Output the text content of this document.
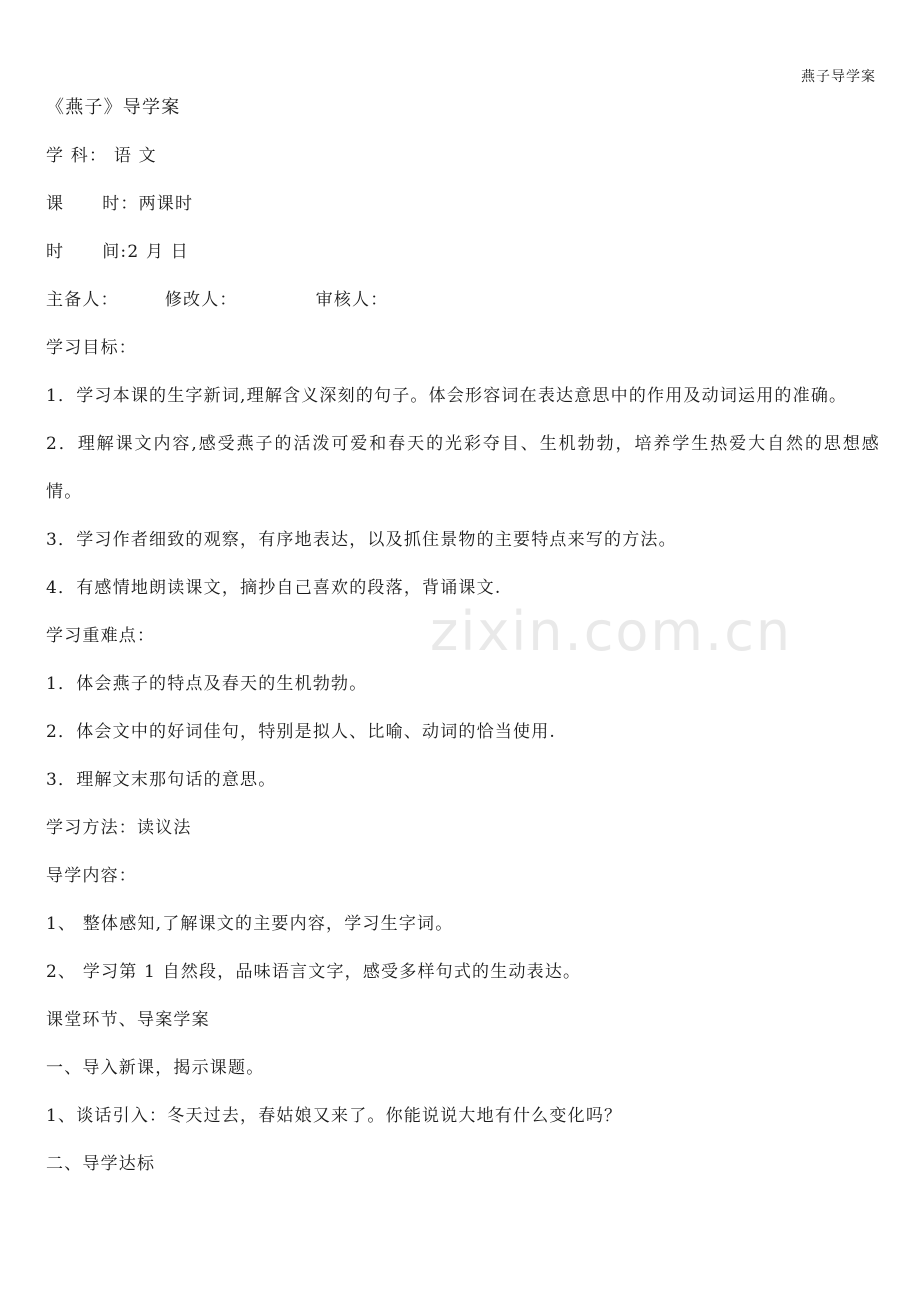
燕子导学案
《燕子》导学案
学 科： 语 文
课 时：两课时
时 间:2 月 日
主备人：	修改人：	审核人：
学习目标：
1．学习本课的生字新词,理解含义深刻的句子。体会形容词在表达意思中的作用及动词运用的准确。
2．理解课文内容,感受燕子的活泼可爱和春天的光彩夺目、生机勃勃，培养学生热爱大自然的思想感情。
3．学习作者细致的观察，有序地表达，以及抓住景物的主要特点来写的方法。
4．有感情地朗读课文，摘抄自己喜欢的段落，背诵课文.
学习重难点：
1．体会燕子的特点及春天的生机勃勃。
2．体会文中的好词佳句，特别是拟人、比喻、动词的恰当使用.
3．理解文末那句话的意思。
学习方法：读议法
导学内容：
1、 整体感知,了解课文的主要内容，学习生字词。
2、 学习第 1 自然段，品味语言文字，感受多样句式的生动表达。
课堂环节、导案学案
一、导入新课，揭示课题。
1、谈话引入：冬天过去，春姑娘又来了。你能说说大地有什么变化吗？
二、导学达标
zixin.com.cn
